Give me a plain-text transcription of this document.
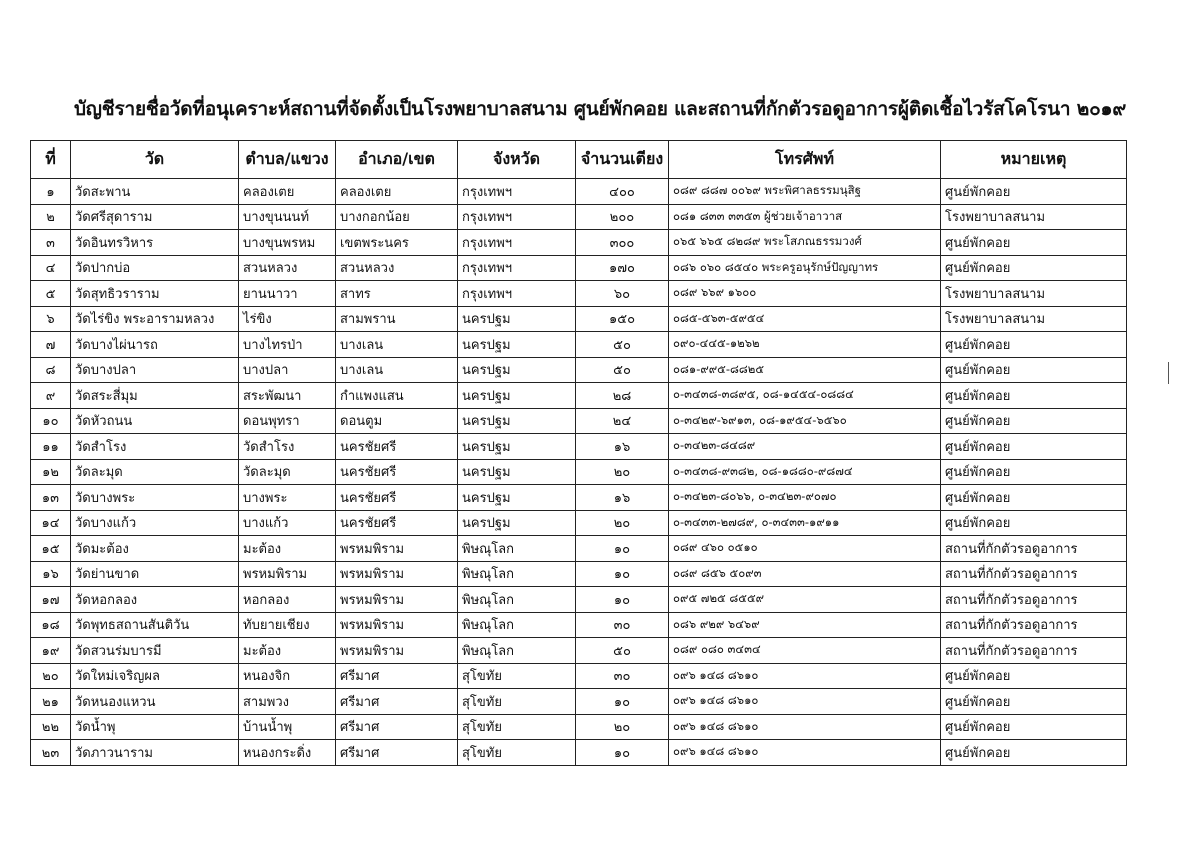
บัญชีรายชื่อวัดที่อนุเคราะห์สถานที่จัดตั้งเป็นโรงพยาบาลสนาม ศูนย์พักคอย และสถานที่กักตัวรอดูอาการผู้ติดเชื้อไวรัสโคโรนา ๒๐๑๙
ที่	วัด	ตำบล/แขวง	อำเภอ/เขต	จังหวัด	จำนวนเตียง	โทรศัพท์	หมายเหตุ
๑	วัดสะพาน	คลองเตย	คลองเตย	กรุงเทพฯ	๔๐๐	๐๘๙ ๘๘๗ ๐๐๖๙ พระพิศาลธรรมนุสิฐ	ศูนย์พักคอย
๒	วัดศรีสุดาราม	บางขุนนนท์	บางกอกน้อย	กรุงเทพฯ	๒๐๐	๐๘๑ ๘๓๓ ๓๓๕๓ ผู้ช่วยเจ้าอาวาส	โรงพยาบาลสนาม
๓	วัดอินทรวิหาร	บางขุนพรหม	เขตพระนคร	กรุงเทพฯ	๓๐๐	๐๖๕ ๖๖๕ ๘๒๘๙ พระโสภณธรรมวงศ์	ศูนย์พักคอย
๔	วัดปากบ่อ	สวนหลวง	สวนหลวง	กรุงเทพฯ	๑๗๐	๐๘๖ ๐๖๐ ๘๕๔๐ พระครูอนุรักษ์ปัญญาทร	ศูนย์พักคอย
๕	วัดสุทธิวราราม	ยานนาวา	สาทร	กรุงเทพฯ	๖๐	๐๘๙ ๖๖๙ ๑๖๐๐	โรงพยาบาลสนาม
๖	วัดไร่ขิง พระอารามหลวง	ไร่ขิง	สามพราน	นครปฐม	๑๕๐	๐๘๕-๕๖๓-๕๙๕๔	โรงพยาบาลสนาม
๗	วัดบางไผ่นารถ	บางไทรป่า	บางเลน	นครปฐม	๕๐	๐๙๐-๔๔๕-๑๒๖๒	ศูนย์พักคอย
๘	วัดบางปลา	บางปลา	บางเลน	นครปฐม	๕๐	๐๘๑-๙๙๕-๘๘๒๕	ศูนย์พักคอย
๙	วัดสระสี่มุม	สระพัฒนา	กำแพงแสน	นครปฐม	๒๘	๐-๓๔๓๘-๓๘๙๕, ๐๘-๑๔๕๔-๐๘๘๔	ศูนย์พักคอย
๑๐	วัดหัวถนน	ดอนพุทรา	ดอนตูม	นครปฐม	๒๔	๐-๓๔๒๙-๖๙๑๓, ๐๘-๑๙๕๔-๖๕๖๐	ศูนย์พักคอย
๑๑	วัดสำโรง	วัดสำโรง	นครชัยศรี	นครปฐม	๑๖	๐-๓๔๒๓-๘๔๘๙	ศูนย์พักคอย
๑๒	วัดละมุด	วัดละมุด	นครชัยศรี	นครปฐม	๒๐	๐-๓๔๓๘-๙๓๘๒, ๐๘-๑๘๘๐-๙๘๗๔	ศูนย์พักคอย
๑๓	วัดบางพระ	บางพระ	นครชัยศรี	นครปฐม	๑๖	๐-๓๔๒๓-๘๐๖๖, ๐-๓๔๒๓-๙๐๗๐	ศูนย์พักคอย
๑๔	วัดบางแก้ว	บางแก้ว	นครชัยศรี	นครปฐม	๒๐	๐-๓๔๓๓-๒๗๘๙, ๐-๓๔๓๓-๑๙๑๑	ศูนย์พักคอย
๑๕	วัดมะต้อง	มะต้อง	พรหมพิราม	พิษณุโลก	๑๐	๐๘๙ ๔๖๐ ๐๕๑๐	สถานที่กักตัวรอดูอาการ
๑๖	วัดย่านขาด	พรหมพิราม	พรหมพิราม	พิษณุโลก	๑๐	๐๘๙ ๘๕๖ ๕๐๙๓	สถานที่กักตัวรอดูอาการ
๑๗	วัดหอกลอง	หอกลอง	พรหมพิราม	พิษณุโลก	๑๐	๐๙๕ ๗๒๕ ๘๕๕๙	สถานที่กักตัวรอดูอาการ
๑๘	วัดพุทธสถานสันติวัน	ทับยายเชียง	พรหมพิราม	พิษณุโลก	๓๐	๐๘๖ ๙๒๙ ๖๔๖๙	สถานที่กักตัวรอดูอาการ
๑๙	วัดสวนร่มบารมี	มะต้อง	พรหมพิราม	พิษณุโลก	๕๐	๐๘๙ ๐๘๐ ๓๔๓๔	สถานที่กักตัวรอดูอาการ
๒๐	วัดใหม่เจริญผล	หนองจิก	ศรีมาศ	สุโขทัย	๓๐	๐๙๖ ๑๔๘ ๘๖๑๐	ศูนย์พักคอย
๒๑	วัดหนองแหวน	สามพวง	ศรีมาศ	สุโขทัย	๑๐	๐๙๖ ๑๔๘ ๘๖๑๐	ศูนย์พักคอย
๒๒	วัดน้ำพุ	บ้านน้ำพุ	ศรีมาศ	สุโขทัย	๒๐	๐๙๖ ๑๔๘ ๘๖๑๐	ศูนย์พักคอย
๒๓	วัดภาวนาราม	หนองกระดิ่ง	ศรีมาศ	สุโขทัย	๑๐	๐๙๖ ๑๔๘ ๘๖๑๐	ศูนย์พักคอย
